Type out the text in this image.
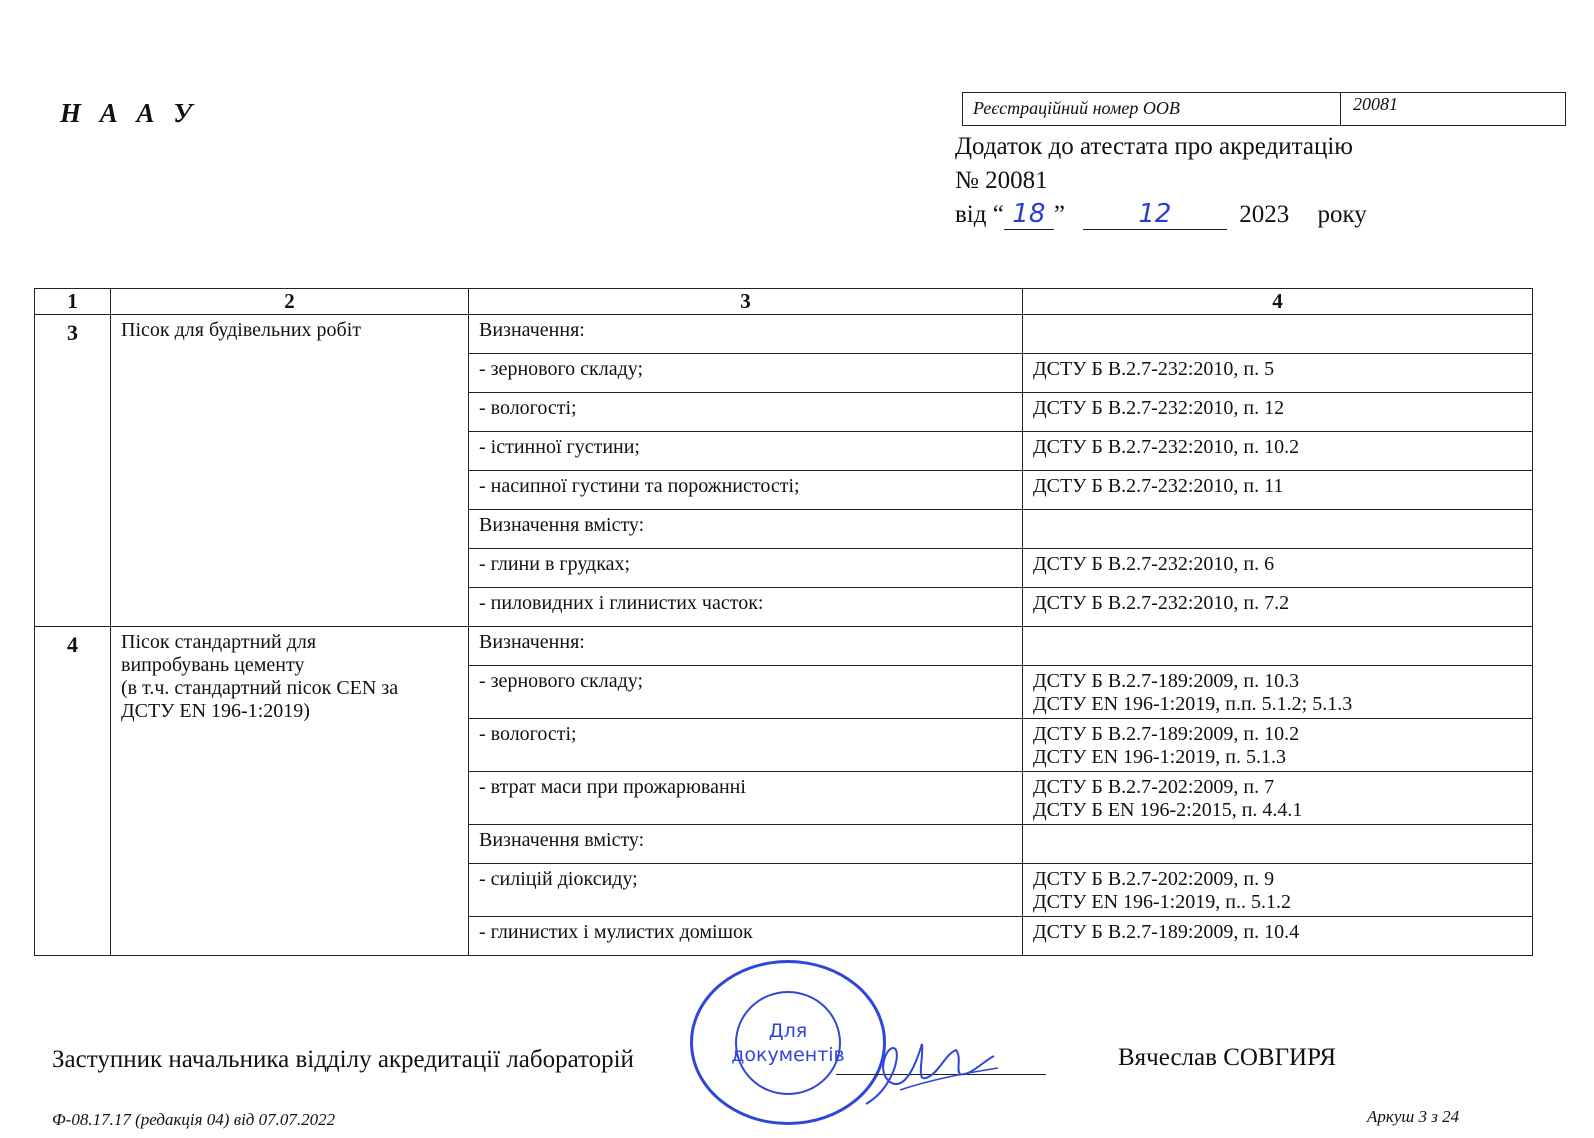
Н А А У	Реєстраційний номер ООВ	20081
Додаток до атестата про акредитацію
№ 20081
від “ 18 ”	12	2023 року
1	2	3	4
3	Пісок для будівельних робіт	Визначення:	
		- зернового складу;	ДСТУ Б В.2.7-232:2010, п. 5
		- вологості;	ДСТУ Б В.2.7-232:2010, п. 12
		- істинної густини;	ДСТУ Б В.2.7-232:2010, п. 10.2
		- насипної густини та порожнистості;	ДСТУ Б В.2.7-232:2010, п. 11
		Визначення вмісту:	
		- глини в грудках;	ДСТУ Б В.2.7-232:2010, п. 6
		- пиловидних і глинистих часток:	ДСТУ Б В.2.7-232:2010, п. 7.2
4	Пісок стандартний для
випробувань цементу
(в т.ч. стандартний пісок CEN за
ДСТУ EN 196-1:2019)	Визначення:	
		- зернового складу;	ДСТУ Б В.2.7-189:2009, п. 10.3
ДСТУ EN 196-1:2019, п.п. 5.1.2; 5.1.3

		- вологості;	ДСТУ Б В.2.7-189:2009, п. 10.2
ДСТУ EN 196-1:2019, п. 5.1.3

		- втрат маси при прожарюванні	ДСТУ Б В.2.7-202:2009, п. 7
ДСТУ Б EN 196-2:2015, п. 4.4.1

		Визначення вмісту:	
		- силіцій діоксиду;	ДСТУ Б В.2.7-202:2009, п. 9
ДСТУ EN 196-1:2019, п.. 5.1.2

		- глинистих і мулистих домішок	ДСТУ Б В.2.7-189:2009, п. 10.4
Для
документів
Заступник начальника відділу акредитації лабораторій	Вячеслав СОВГИРЯ
Ф-08.17.17 (редакція 04) від 07.07.2022	Аркуш 3 з 24
